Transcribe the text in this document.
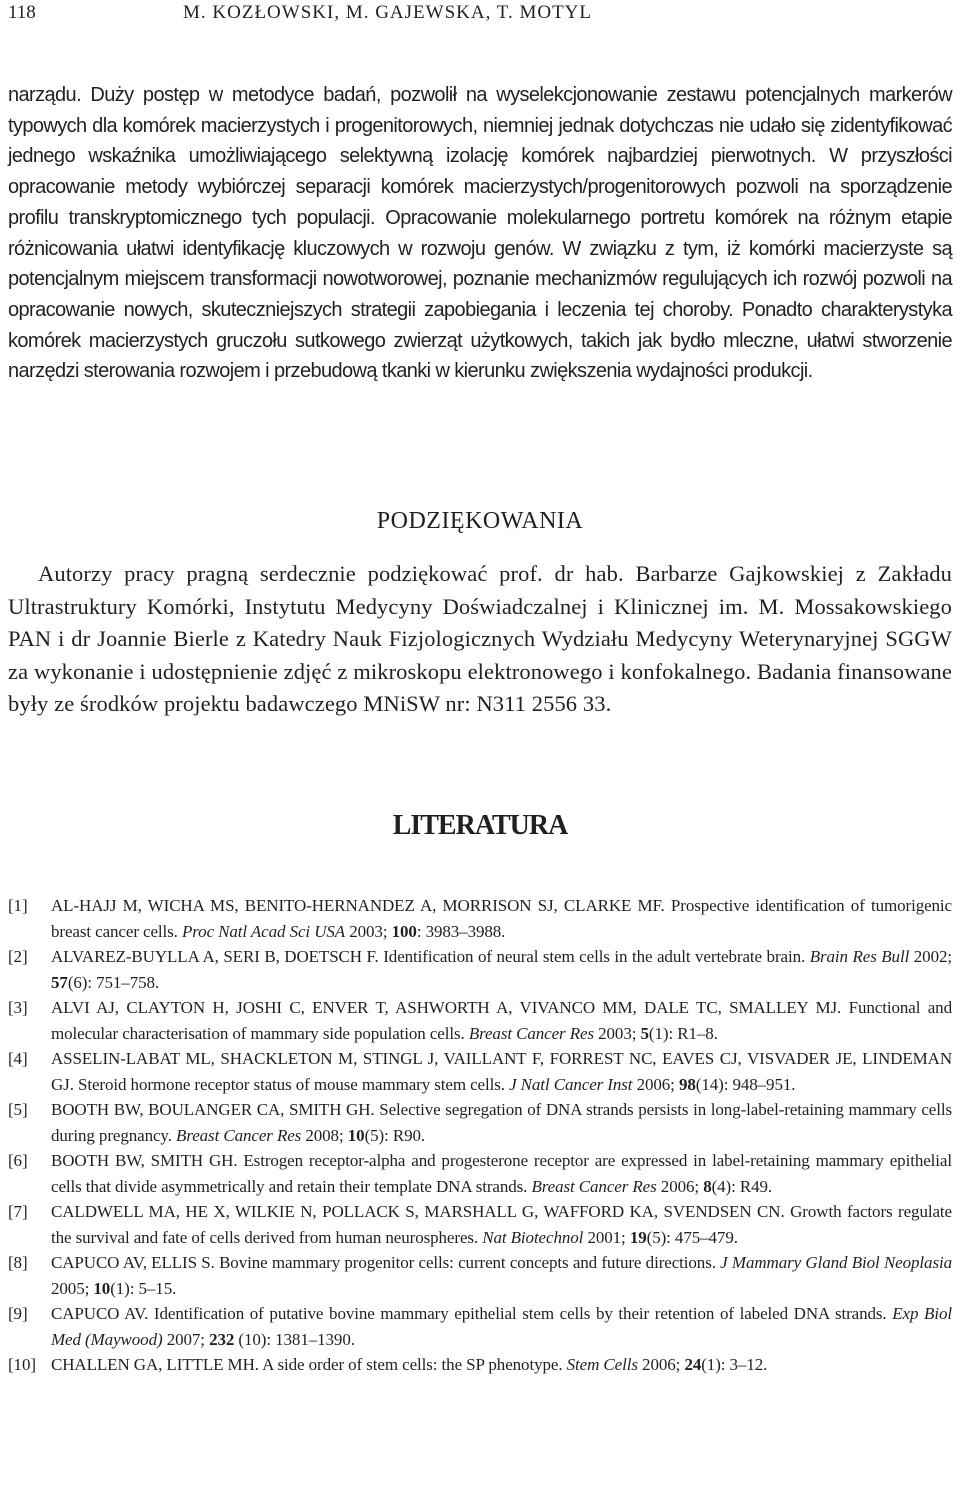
118	M. KOZŁOWSKI, M. GAJEWSKA, T. MOTYL

narządu. Duży postęp w metodyce badań, pozwolił na wyselekcjonowanie zestawu potencjalnych markerów typowych dla komórek macierzystych i progenitorowych, niemniej jednak dotychczas nie udało się zidentyfikować jednego wskaźnika umożliwiającego selektywną izolację komórek najbardziej pierwotnych. W przyszłości opracowanie metody wybiórczej separacji komórek macierzystych/progenitorowych pozwoli na sporządzenie profilu transkryptomicznego tych populacji. Opracowanie molekularnego portretu komórek na różnym etapie różnicowania ułatwi identyfikację kluczowych w rozwoju genów. W związku z tym, iż komórki macierzyste są potencjalnym miejscem transformacji nowotworowej, poznanie mechanizmów regulujących ich rozwój pozwoli na opracowanie nowych, skuteczniejszych strategii zapobiegania i leczenia tej choroby. Ponadto charakterystyka komórek macierzystych gruczołu sutkowego zwierząt użytkowych, takich jak bydło mleczne, ułatwi stworzenie narzędzi sterowania rozwojem i przebudową tkanki w kierunku zwiększenia wydajności produkcji.

PODZIĘKOWANIA

Autorzy pracy pragną serdecznie podziękować prof. dr hab. Barbarze Gajkowskiej z Zakładu Ultrastruktury Komórki, Instytutu Medycyny Doświadczalnej i Klinicznej im. M. Mossakowskiego PAN i dr Joannie Bierle z Katedry Nauk Fizjologicznych Wydziału Medycyny Weterynaryjnej SGGW za wykonanie i udostępnienie zdjęć z mikroskopu elektronowego i konfokalnego. Badania finansowane były ze środków projektu badawczego MNiSW nr: N311 2556 33.

LITERATURA
[1] AL-HAJJ M, WICHA MS, BENITO-HERNANDEZ A, MORRISON SJ, CLARKE MF. Prospective identification of tumorigenic breast cancer cells. Proc Natl Acad Sci USA 2003; 100: 3983–3988.
[2] ALVAREZ-BUYLLA A, SERI B, DOETSCH F. Identification of neural stem cells in the adult vertebrate brain. Brain Res Bull 2002; 57(6): 751–758.
[3] ALVI AJ, CLAYTON H, JOSHI C, ENVER T, ASHWORTH A, VIVANCO MM, DALE TC, SMALLEY MJ. Functional and molecular characterisation of mammary side population cells. Breast Cancer Res 2003; 5(1): R1–8.
[4] ASSELIN-LABAT ML, SHACKLETON M, STINGL J, VAILLANT F, FORREST NC, EAVES CJ, VISVADER JE, LINDEMAN GJ. Steroid hormone receptor status of mouse mammary stem cells. J Natl Cancer Inst 2006; 98(14): 948–951.
[5] BOOTH BW, BOULANGER CA, SMITH GH. Selective segregation of DNA strands persists in long-label-retaining mammary cells during pregnancy. Breast Cancer Res 2008; 10(5): R90.
[6] BOOTH BW, SMITH GH. Estrogen receptor-alpha and progesterone receptor are expressed in label-retaining mammary epithelial cells that divide asymmetrically and retain their template DNA strands. Breast Cancer Res 2006; 8(4): R49.
[7] CALDWELL MA, HE X, WILKIE N, POLLACK S, MARSHALL G, WAFFORD KA, SVENDSEN CN. Growth factors regulate the survival and fate of cells derived from human neurospheres. Nat Biotechnol 2001; 19(5): 475–479.
[8] CAPUCO AV, ELLIS S. Bovine mammary progenitor cells: current concepts and future directions. J Mammary Gland Biol Neoplasia 2005; 10(1): 5–15.
[9] CAPUCO AV. Identification of putative bovine mammary epithelial stem cells by their retention of labeled DNA strands. Exp Biol Med (Maywood) 2007; 232 (10): 1381–1390.
[10] CHALLEN GA, LITTLE MH. A side order of stem cells: the SP phenotype. Stem Cells 2006; 24(1): 3–12.
